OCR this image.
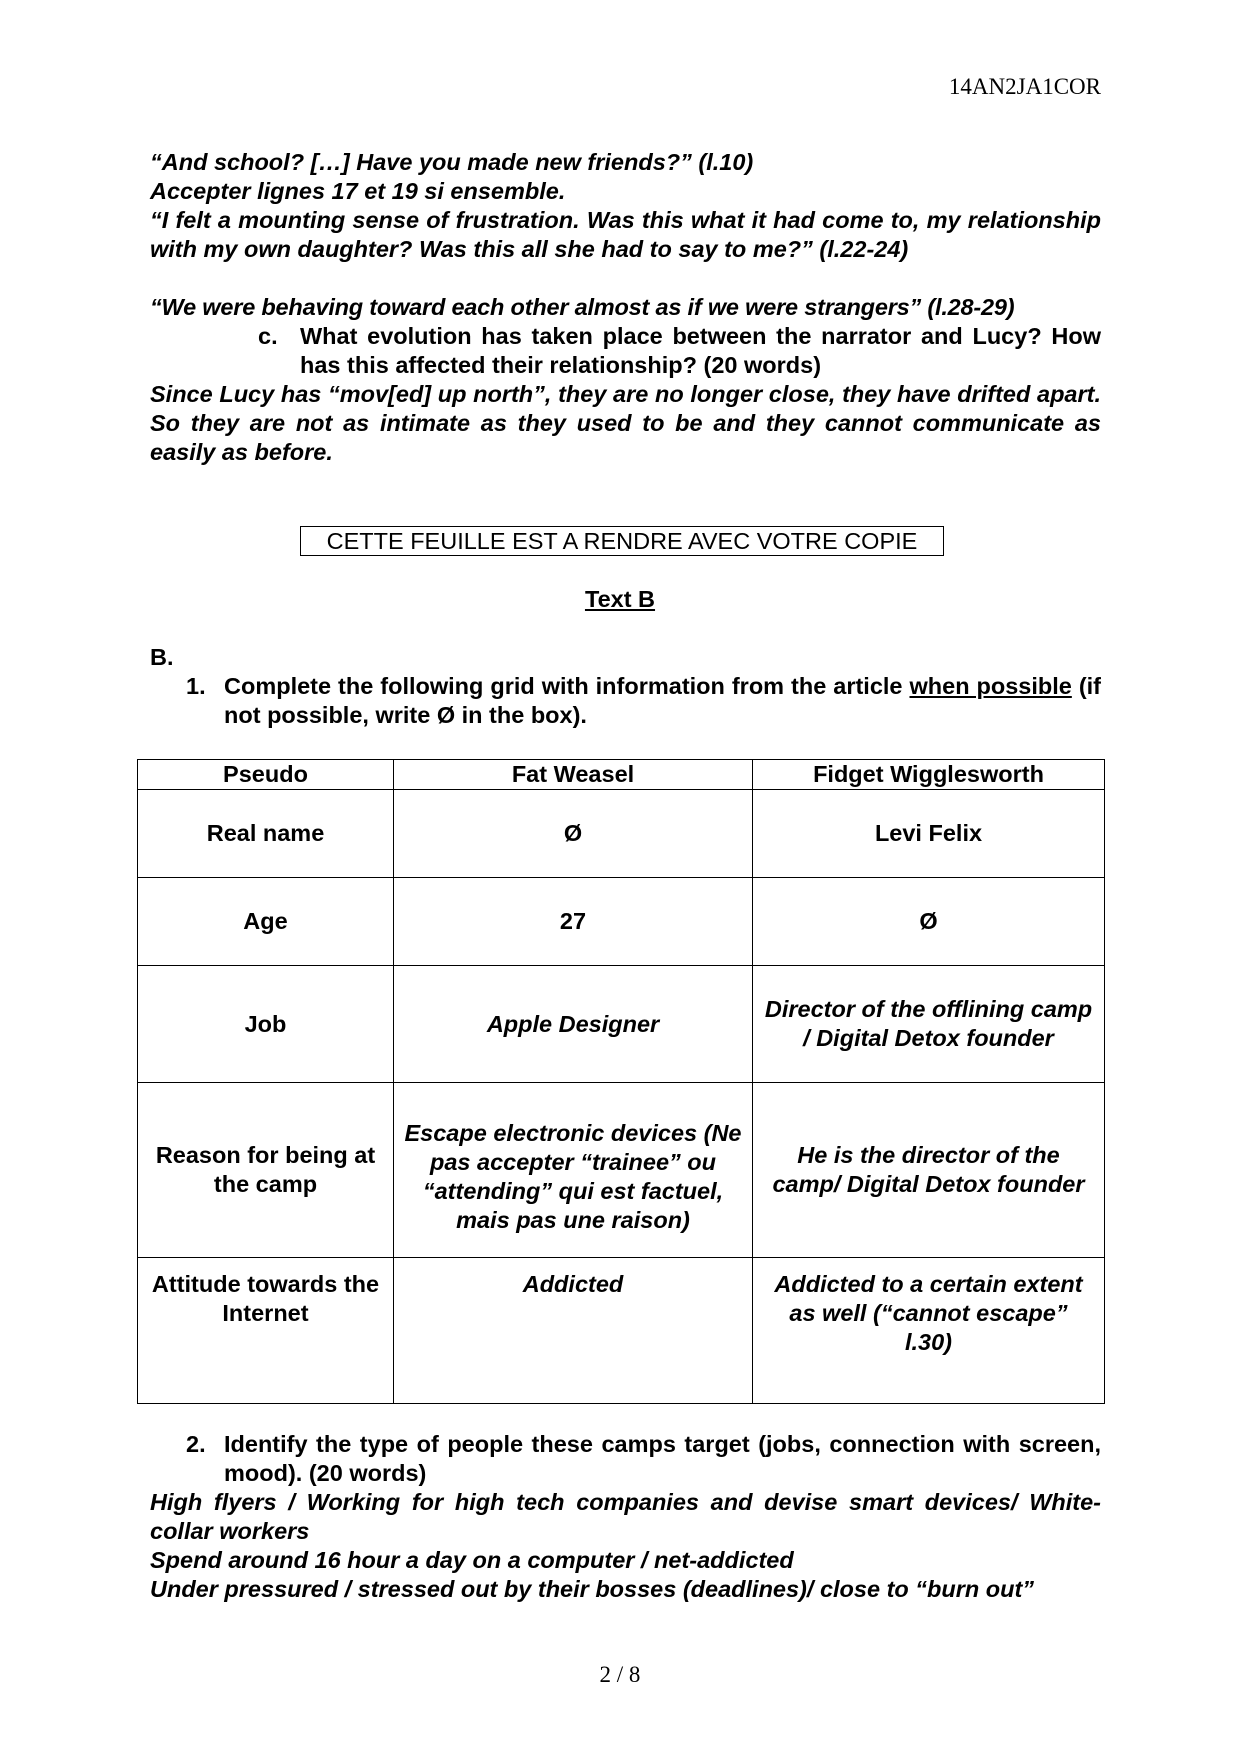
14AN2JA1COR
“And school? […] Have you made new friends?” (l.10)
Accepter lignes 17 et 19 si ensemble.
“I felt a mounting sense of frustration. Was this what it had come to, my relationship with my own daughter? Was this all she had to say to me?” (l.22-24)
“We were behaving toward each other almost as if we were strangers” (l.28-29)
c. What evolution has taken place between the narrator and Lucy? How has this affected their relationship? (20 words)
Since Lucy has “mov[ed] up north”, they are no longer close, they have drifted apart. So they are not as intimate as they used to be and they cannot communicate as easily as before.
CETTE FEUILLE EST A RENDRE AVEC VOTRE COPIE
Text B
B.
1. Complete the following grid with information from the article when possible (if not possible, write Ø in the box).
Pseudo	Fat Weasel	Fidget Wigglesworth
Real name	Ø	Levi Felix
Age	27	Ø
Job	Apple Designer	Director of the offlining camp / Digital Detox founder
Reason for being at the camp	Escape electronic devices (Ne pas accepter “trainee” ou “attending” qui est factuel, mais pas une raison)	He is the director of the camp/ Digital Detox founder
Attitude towards the Internet	Addicted	Addicted to a certain extent as well (“cannot escape” l.30)
2. Identify the type of people these camps target (jobs, connection with screen, mood). (20 words)
High flyers / Working for high tech companies and devise smart devices/ White-collar workers
Spend around 16 hour a day on a computer / net-addicted
Under pressured / stressed out by their bosses (deadlines)/ close to “burn out”
2 / 8
